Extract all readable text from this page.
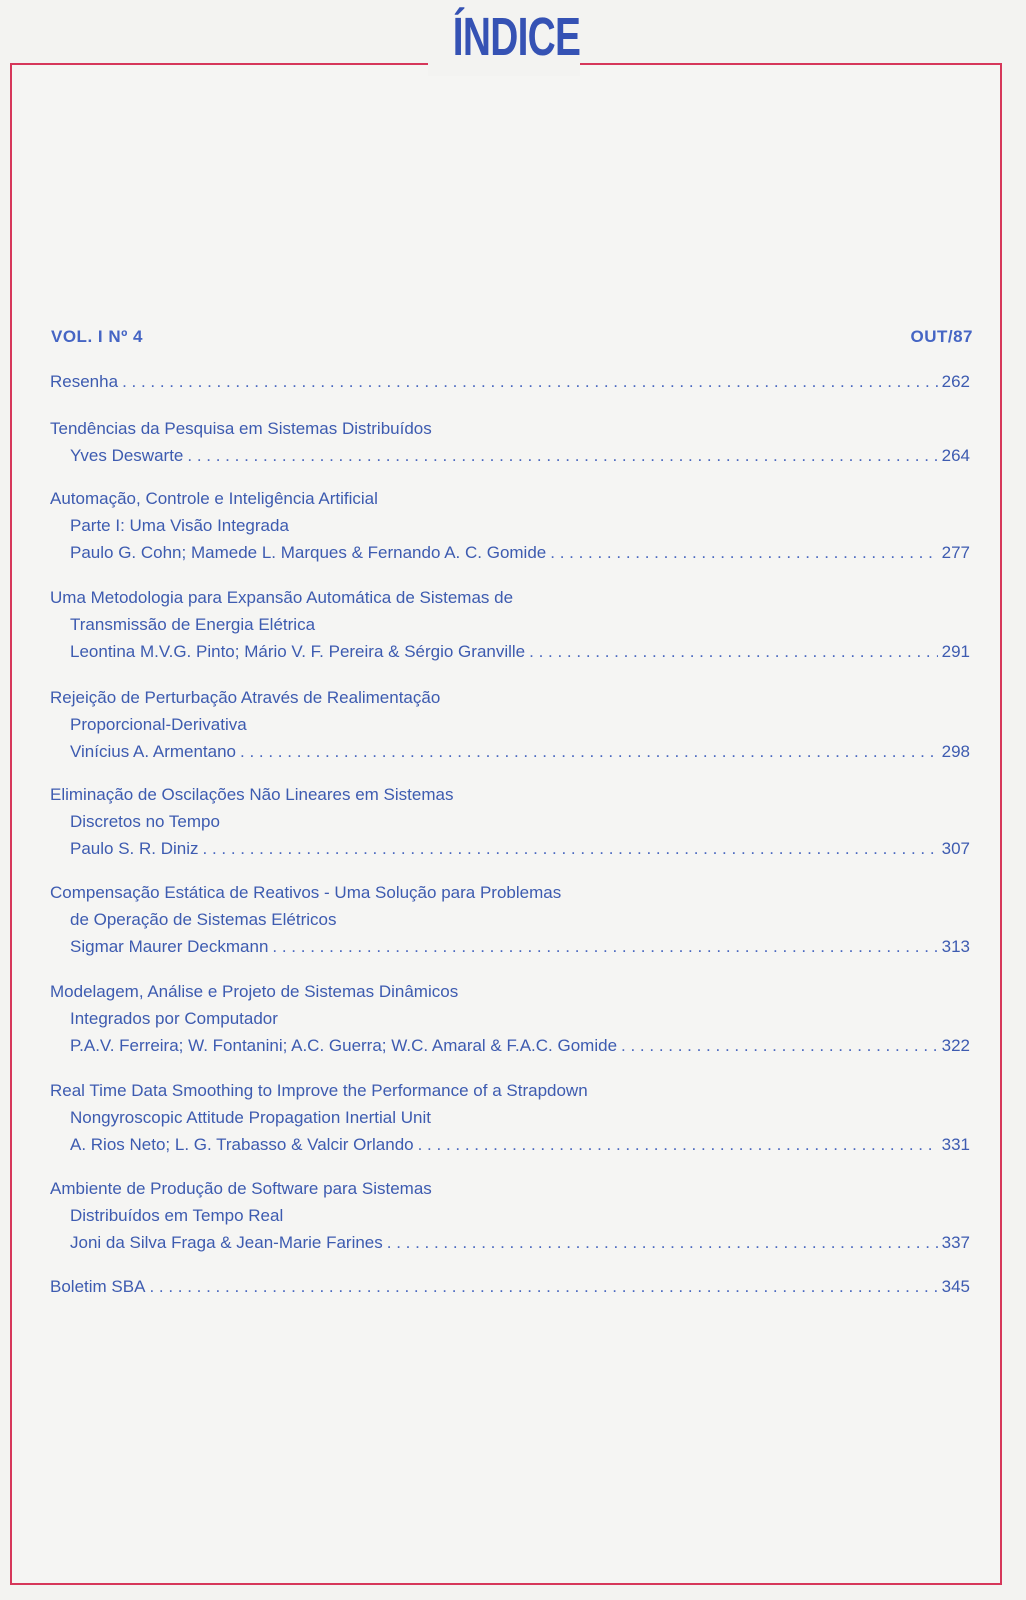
ÍNDICE
VOL. I Nº 4	OUT/87
Resenha . . .	262
Tendências da Pesquisa em Sistemas Distribuídos
Yves Deswarte . . .	264
Automação, Controle e Inteligência Artificial
Parte I: Uma Visão Integrada
Paulo G. Cohn; Mamede L. Marques & Fernando A. C. Gomide . . .	277
Uma Metodologia para Expansão Automática de Sistemas de
Transmissão de Energia Elétrica
Leontina M.V.G. Pinto; Mário V. F. Pereira & Sérgio Granville . . .	291
Rejeição de Perturbação Através de Realimentação
Proporcional-Derivativa
Vinícius A. Armentano . . .	298
Eliminação de Oscilações Não Lineares em Sistemas
Discretos no Tempo
Paulo S. R. Diniz . . .	307
Compensação Estática de Reativos - Uma Solução para Problemas
de Operação de Sistemas Elétricos
Sigmar Maurer Deckmann . . .	313
Modelagem, Análise e Projeto de Sistemas Dinâmicos
Integrados por Computador
P.A.V. Ferreira; W. Fontanini; A.C. Guerra; W.C. Amaral & F.A.C. Gomide . . .	322
Real Time Data Smoothing to Improve the Performance of a Strapdown
Nongyroscopic Attitude Propagation Inertial Unit
A. Rios Neto; L. G. Trabasso & Valcir Orlando . . .	331
Ambiente de Produção de Software para Sistemas
Distribuídos em Tempo Real
Joni da Silva Fraga & Jean-Marie Farines . . .	337
Boletim SBA . . .	345
